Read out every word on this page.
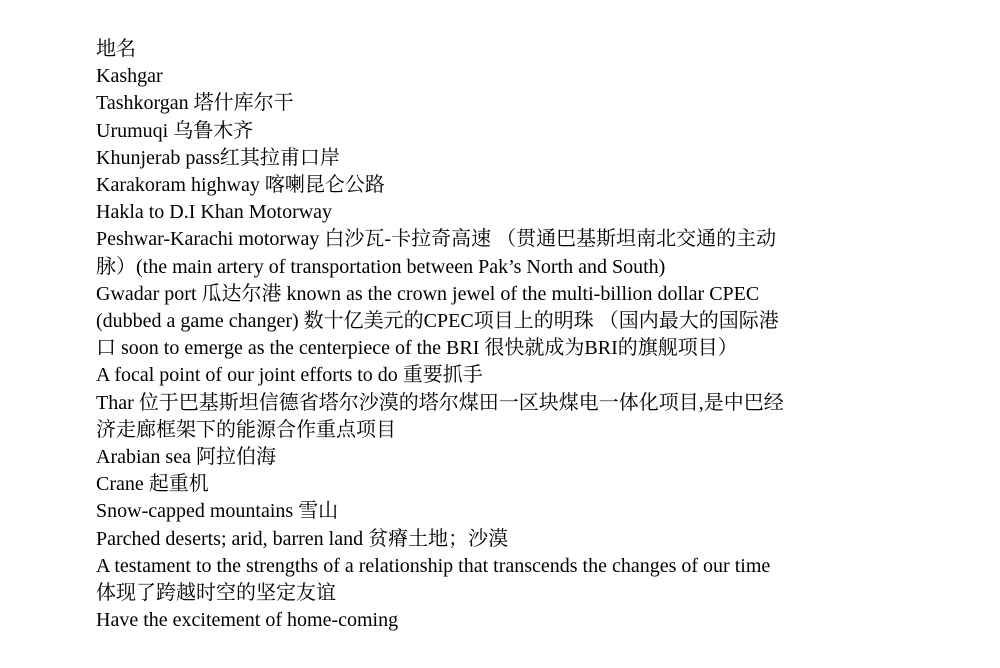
地名
Kashgar
Tashkorgan 塔什库尔干
Urumuqi 乌鲁木齐
Khunjerab pass红其拉甫口岸
Karakoram highway 喀喇昆仑公路
Hakla to D.I Khan Motorway
Peshwar-Karachi motorway 白沙瓦-卡拉奇高速 （贯通巴基斯坦南北交通的主动
脉）(the main artery of transportation between Pak’s North and South)
Gwadar port 瓜达尔港 known as the crown jewel of the multi-billion dollar CPEC
(dubbed a game changer) 数十亿美元的CPEC项目上的明珠 （国内最大的国际港
口 soon to emerge as the centerpiece of the BRI 很快就成为BRI的旗舰项目）
A focal point of our joint efforts to do 重要抓手
Thar 位于巴基斯坦信德省塔尔沙漠的塔尔煤田一区块煤电一体化项目,是中巴经
济走廊框架下的能源合作重点项目
Arabian sea 阿拉伯海
Crane 起重机
Snow-capped mountains 雪山
Parched deserts; arid, barren land 贫瘠土地；沙漠
A testament to the strengths of a relationship that transcends the changes of our time
体现了跨越时空的坚定友谊
Have the excitement of home-coming
